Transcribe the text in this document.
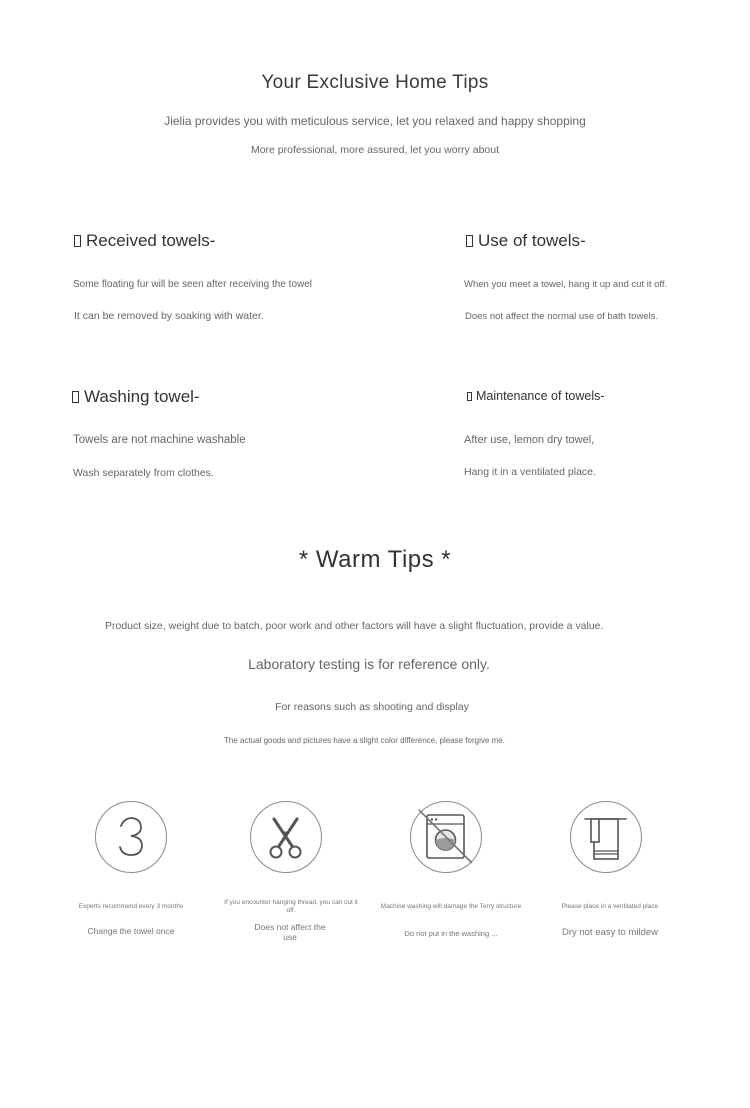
Your Exclusive Home Tips
Jielia provides you with meticulous service, let you relaxed and happy shopping
More professional, more assured, let you worry about
Received towels-
Some floating fur will be seen after receiving the towel
It can be removed by soaking with water.
Use of towels-
When you meet a towel, hang it up and cut it off.
Does not affect the normal use of bath towels.
Washing towel-
Towels are not machine washable
Wash separately from clothes.
Maintenance of towels-
After use, lemon dry towel,
Hang it in a ventilated place.
* Warm Tips *
Product size, weight due to batch, poor work and other factors will have a slight fluctuation, provide a value.
Laboratory testing is for reference only.
For reasons such as shooting and display
The actual goods and pictures have a slight color difference, please forgive me.
Experts recommend every 3 months
Change the towel once
If you encounter hanging thread, you can cut it off.
Does not affect the use
Machine washing will damage the Terry structure
Do not put in the washing ...
Please place in a ventilated place
Dry not easy to mildew
